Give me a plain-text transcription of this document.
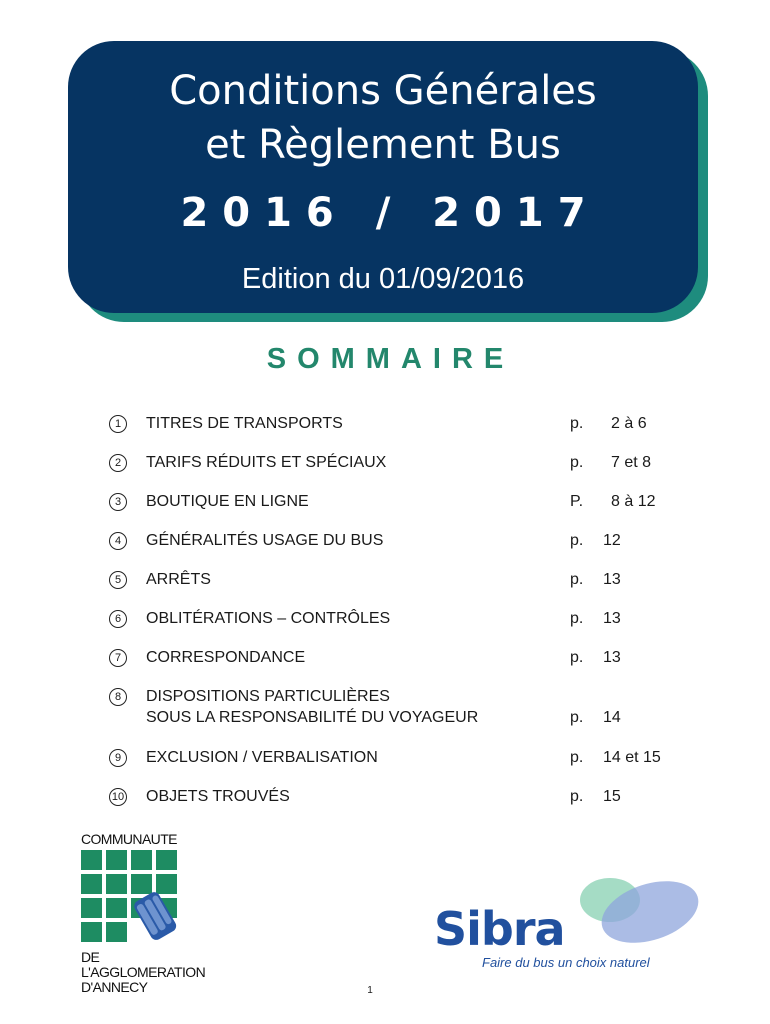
Conditions Générales
et Règlement Bus
2016 / 2017
Edition du 01/09/2016
SOMMAIRE
1	TITRES DE TRANSPORTS	p. 2 à 6
2	TARIFS RÉDUITS ET SPÉCIAUX	p. 7 et 8
3	BOUTIQUE EN LIGNE	P. 8 à 12
4	GÉNÉRALITÉS USAGE DU BUS	p. 12
5	ARRÊTS	p. 13
6	OBLITÉRATIONS – CONTRÔLES	p. 13
7	CORRESPONDANCE	p. 13
8	DISPOSITIONS PARTICULIÈRES
SOUS LA RESPONSABILITÉ DU VOYAGEUR	p. 14
9	EXCLUSION / VERBALISATION	p. 14 et 15
10 OBJETS TROUVÉS	p. 15
COMMUNAUTE
DE
L'AGGLOMERATION
D'ANNECY
Sibra
Faire du bus un choix naturel
1
